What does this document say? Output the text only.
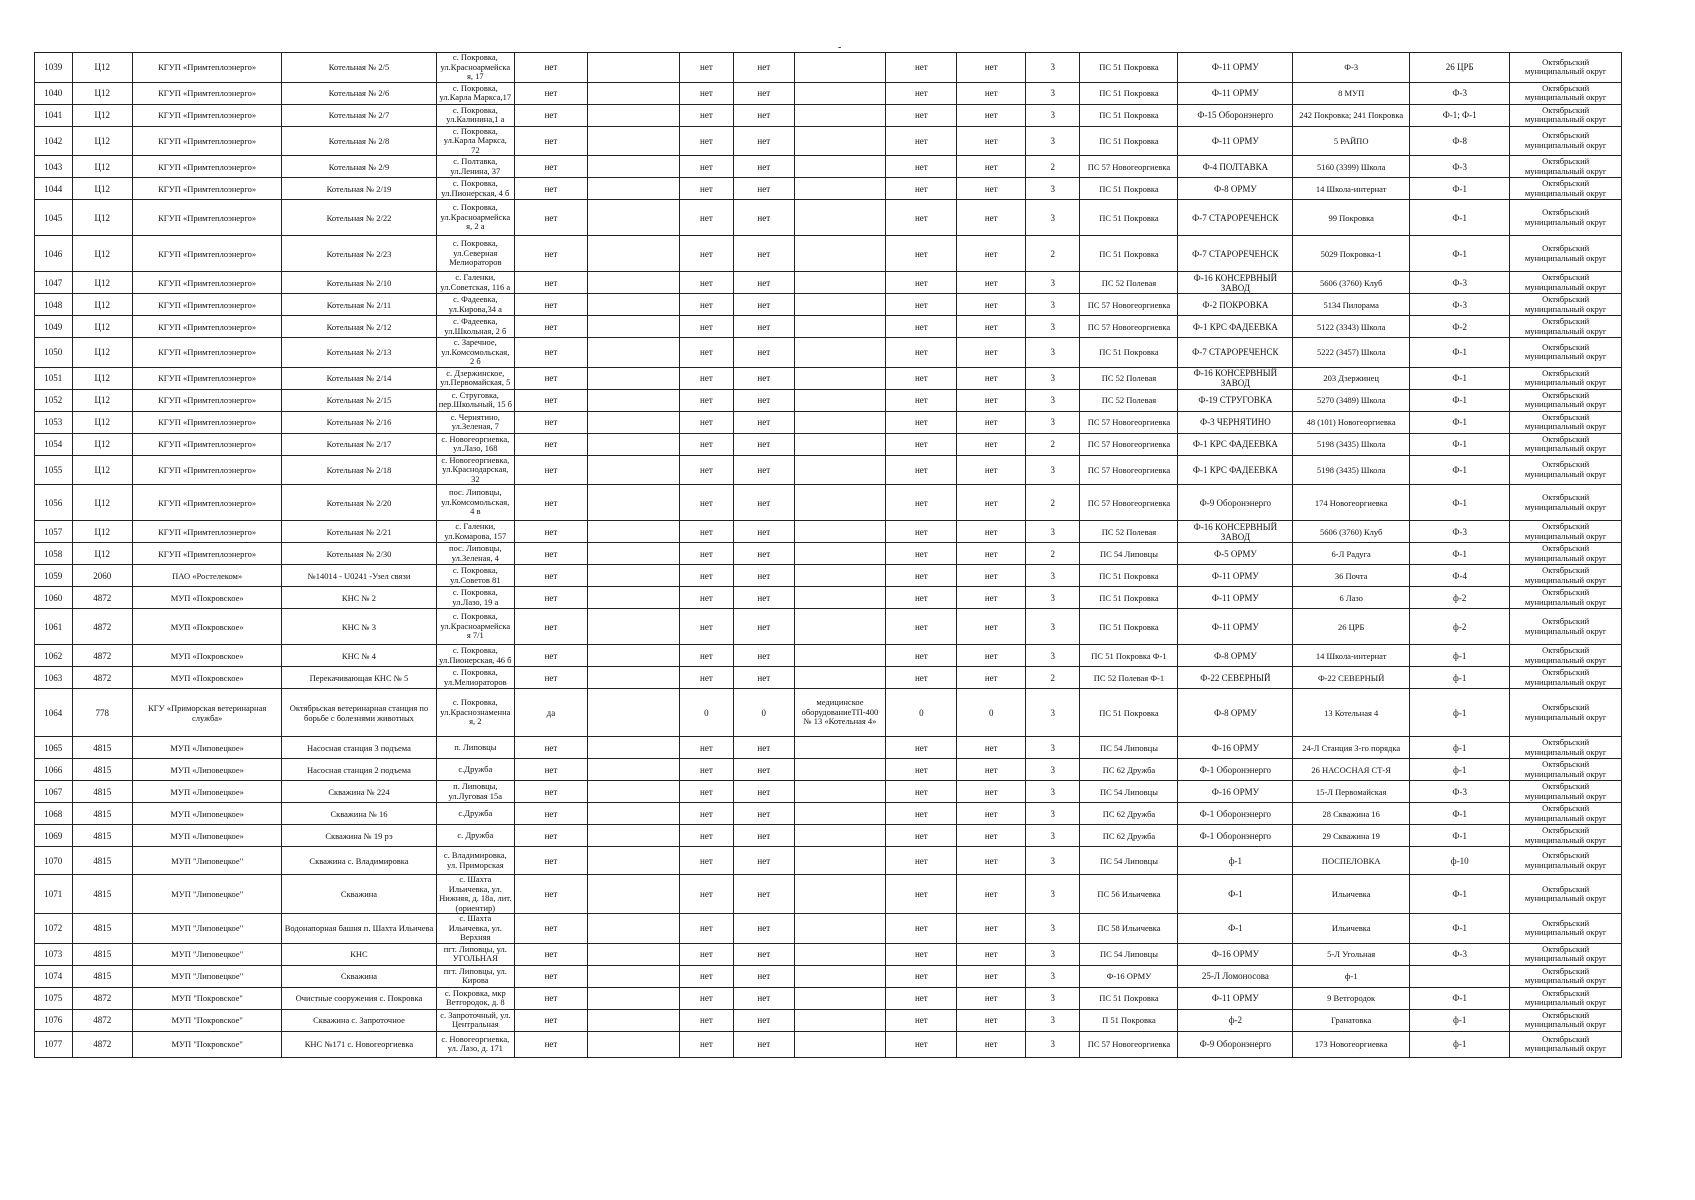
-
1039	Ц12	КГУП «Примтеплоэнерго»	Котельная № 2/5	с. Покровка, ул.Красноармейская, 17	нет		нет	нет		нет	нет	3	ПС 51 Покровка	Ф-11 ОРМУ	Ф-3	26 ЦРБ	Октябрьский муниципальный округ
1040	Ц12	КГУП «Примтеплоэнерго»	Котельная № 2/6	с. Покровка, ул.Карла Маркса,17	нет		нет	нет		нет	нет	3	ПС 51 Покровка	Ф-11 ОРМУ	8 МУП	Ф-3	Октябрьский муниципальный округ
1041	Ц12	КГУП «Примтеплоэнерго»	Котельная № 2/7	с. Покровка, ул.Калинина,1 а	нет		нет	нет		нет	нет	3	ПС 51 Покровка	Ф-15 Оборонэнерго	242 Покровка; 241 Покровка	Ф-1; Ф-1	Октябрьский муниципальный округ
1042	Ц12	КГУП «Примтеплоэнерго»	Котельная № 2/8	с. Покровка, ул.Карла Маркса, 72	нет		нет	нет		нет	нет	3	ПС 51 Покровка	Ф-11 ОРМУ	5 РАЙПО	Ф-8	Октябрьский муниципальный округ
1043	Ц12	КГУП «Примтеплоэнерго»	Котельная № 2/9	с. Полтавка, ул.Ленина, 37	нет		нет	нет		нет	нет	2	ПС 57 Новогеоргиевка	Ф-4 ПОЛТАВКА	5160 (3399) Школа	Ф-3	Октябрьский муниципальный округ
1044	Ц12	КГУП «Примтеплоэнерго»	Котельная № 2/19	с. Покровка, ул.Пионерская, 4 б	нет		нет	нет		нет	нет	3	ПС 51 Покровка	Ф-8 ОРМУ	14 Школа-интернат	Ф-1	Октябрьский муниципальный округ
1045	Ц12	КГУП «Примтеплоэнерго»	Котельная № 2/22	с. Покровка, ул.Красноармейская, 2 а	нет		нет	нет		нет	нет	3	ПС 51 Покровка	Ф-7 СТАРОРЕЧЕНСК	99 Покровка	Ф-1	Октябрьский муниципальный округ
1046	Ц12	КГУП «Примтеплоэнерго»	Котельная № 2/23	с. Покровка, ул.Северная Мелиораторов	нет		нет	нет		нет	нет	2	ПС 51 Покровка	Ф-7 СТАРОРЕЧЕНСК	5029 Покровка-1	Ф-1	Октябрьский муниципальный округ
1047	Ц12	КГУП «Примтеплоэнерго»	Котельная № 2/10	с. Галенки, ул.Советская, 116 а	нет		нет	нет		нет	нет	3	ПС 52 Полевая	Ф-16 КОНСЕРВНЫЙ ЗАВОД	5606 (3760) Клуб	Ф-3	Октябрьский муниципальный округ
1048	Ц12	КГУП «Примтеплоэнерго»	Котельная № 2/11	с. Фадеевка, ул.Кирова,34 а	нет		нет	нет		нет	нет	3	ПС 57 Новогеоргиевка	Ф-2 ПОКРОВКА	5134 Пилорама	Ф-3	Октябрьский муниципальный округ
1049	Ц12	КГУП «Примтеплоэнерго»	Котельная № 2/12	с. Фадеевка, ул.Школьная, 2 б	нет		нет	нет		нет	нет	3	ПС 57 Новогеоргиевка	Ф-1 КРС ФАДЕЕВКА	5122 (3343) Школа	Ф-2	Октябрьский муниципальный округ
1050	Ц12	КГУП «Примтеплоэнерго»	Котельная № 2/13	с. Заречное, ул.Комсомольская, 2 б	нет		нет	нет		нет	нет	3	ПС 51 Покровка	Ф-7 СТАРОРЕЧЕНСК	5222 (3457) Школа	Ф-1	Октябрьский муниципальный округ
1051	Ц12	КГУП «Примтеплоэнерго»	Котельная № 2/14	с. Дзержинское, ул.Первомайская, 5	нет		нет	нет		нет	нет	3	ПС 52 Полевая	Ф-16 КОНСЕРВНЫЙ ЗАВОД	203 Дзержинец	Ф-1	Октябрьский муниципальный округ
1052	Ц12	КГУП «Примтеплоэнерго»	Котельная № 2/15	с. Струговка, пер.Школьный, 15 б	нет		нет	нет		нет	нет	3	ПС 52 Полевая	Ф-19 СТРУГОВКА	5270 (3489) Школа	Ф-1	Октябрьский муниципальный округ
1053	Ц12	КГУП «Примтеплоэнерго»	Котельная № 2/16	с. Чернятино, ул.Зеленая, 7	нет		нет	нет		нет	нет	3	ПС 57 Новогеоргиевка	Ф-3 ЧЕРНЯТИНО	48 (101) Новогеоргиевка	Ф-1	Октябрьский муниципальный округ
1054	Ц12	КГУП «Примтеплоэнерго»	Котельная № 2/17	с. Новогеоргиевка, ул.Лазо, 168	нет		нет	нет		нет	нет	2	ПС 57 Новогеоргиевка	Ф-1 КРС ФАДЕЕВКА	5198 (3435) Школа	Ф-1	Октябрьский муниципальный округ
1055	Ц12	КГУП «Примтеплоэнерго»	Котельная № 2/18	с. Новогеоргиевка, ул.Краснодарская, 32	нет		нет	нет		нет	нет	3	ПС 57 Новогеоргиевка	Ф-1 КРС ФАДЕЕВКА	5198 (3435) Школа	Ф-1	Октябрьский муниципальный округ
1056	Ц12	КГУП «Примтеплоэнерго»	Котельная № 2/20	пос. Липовцы, ул.Комсомольская, 4 в	нет		нет	нет		нет	нет	2	ПС 57 Новогеоргиевка	Ф-9 Оборонэнерго	174 Новогеоргиевка	Ф-1	Октябрьский муниципальный округ
1057	Ц12	КГУП «Примтеплоэнерго»	Котельная № 2/21	с. Галенки, ул.Комарова, 157	нет		нет	нет		нет	нет	3	ПС 52 Полевая	Ф-16 КОНСЕРВНЫЙ ЗАВОД	5606 (3760) Клуб	Ф-3	Октябрьский муниципальный округ
1058	Ц12	КГУП «Примтеплоэнерго»	Котельная № 2/30	пос. Липовцы, ул.Зеленая, 4	нет		нет	нет		нет	нет	2	ПС 54 Липовцы	Ф-5 ОРМУ	6-Л Радуга	Ф-1	Октябрьский муниципальный округ
1059	2060	ПАО «Ростелеком»	№14014 - U0241 -Узел связи	с. Покровка, ул.Советов 81	нет		нет	нет		нет	нет	3	ПС 51 Покровка	Ф-11 ОРМУ	36 Почта	Ф-4	Октябрьский муниципальный округ
1060	4872	МУП «Покровское»	КНС № 2	с. Покровка, ул.Лазо, 19 а	нет		нет	нет		нет	нет	3	ПС 51 Покровка	Ф-11 ОРМУ	6 Лазо	ф-2	Октябрьский муниципальный округ
1061	4872	МУП «Покровское»	КНС № 3	с. Покровка, ул.Красноармейская 7/1	нет		нет	нет		нет	нет	3	ПС 51 Покровка	Ф-11 ОРМУ	26 ЦРБ	ф-2	Октябрьский муниципальный округ
1062	4872	МУП «Покровское»	КНС № 4	с. Покровка, ул.Пионерская, 46 б	нет		нет	нет		нет	нет	3	ПС 51 Покровка Ф-1	Ф-8 ОРМУ	14 Школа-интернат	ф-1	Октябрьский муниципальный округ
1063	4872	МУП «Покровское»	Перекачивающая КНС № 5	с. Покровка, ул.Мелиораторов	нет		нет	нет		нет	нет	2	ПС 52 Полевая Ф-1	Ф-22 СЕВЕРНЫЙ	Ф-22 СЕВЕРНЫЙ	ф-1	Октябрьский муниципальный округ
1064	778	КГУ «Приморская ветеринарная служба»	Октябрьская ветеринарная станция по борьбе с болезнями животных	с. Покровка, ул.Краснознаменная, 2	да		0	0	медицинское оборудованиеТП-400 № 13 «Котельная 4»	0	0	3	ПС 51 Покровка	Ф-8 ОРМУ	13 Котельная 4	ф-1	Октябрьский муниципальный округ
1065	4815	МУП «Липовецкое»	Насосная станция 3 подъема	п. Липовцы	нет		нет	нет		нет	нет	3	ПС 54 Липовцы	Ф-16 ОРМУ	24-Л Станция 3-го порядка	ф-1	Октябрьский муниципальный округ
1066	4815	МУП «Липовецкое»	Насосная станция 2 подъема	с.Дружба	нет		нет	нет		нет	нет	3	ПС 62 Дружба	Ф-1 Оборонэнерго	26 НАСОСНАЯ СТ-Я	ф-1	Октябрьский муниципальный округ
1067	4815	МУП «Липовецкое»	Скважина № 224	п. Липовцы, ул.Луговая 15а	нет		нет	нет		нет	нет	3	ПС 54 Липовцы	Ф-16 ОРМУ	15-Л Первомайская	Ф-3	Октябрьский муниципальный округ
1068	4815	МУП «Липовецкое»	Скважина № 16	с.Дружба	нет		нет	нет		нет	нет	3	ПС 62 Дружба	Ф-1 Оборонэнерго	28 Скважина 16	Ф-1	Октябрьский муниципальный округ
1069	4815	МУП «Липовецкое»	Скважина № 19 рэ	с. Дружба	нет		нет	нет		нет	нет	3	ПС 62 Дружба	Ф-1 Оборонэнерго	29 Скважина 19	Ф-1	Октябрьский муниципальный округ
1070	4815	МУП "Липовецкое"	Скважина с. Владимировка	с. Владимировка, ул. Приморская	нет		нет	нет		нет	нет	3	ПС 54 Липовцы	ф-1	ПОСПЕЛОВКА	ф-10	Октябрьский муниципальный округ
1071	4815	МУП "Липовецкое"	Скважина	с. Шахта Ильичевка, ул. Нижняя, д. 18а, лит. (ориентир)	нет		нет	нет		нет	нет	3	ПС 56 Ильичевка	Ф-1	Ильичевка	Ф-1	Октябрьский муниципальный округ
1072	4815	МУП "Липовецкое"	Водонапорная башня п. Шахта Ильичева	с. Шахта Ильичевка, ул. Верхняя	нет		нет	нет		нет	нет	3	ПС 58 Ильичевка	Ф-1	Ильичевка	Ф-1	Октябрьский муниципальный округ
1073	4815	МУП "Липовецкое"	КНС	пгт. Липовцы, ул. УГОЛЬНАЯ	нет		нет	нет		нет	нет	3	ПС 54 Липовцы	Ф-16 ОРМУ	5-Л Угольная	Ф-3	Октябрьский муниципальный округ
1074	4815	МУП "Липовецкое"	Скважина	пгт. Липовцы, ул. Кирова	нет		нет	нет		нет	нет	3	Ф-16 ОРМУ	25-Л Ломоносова	ф-1		Октябрьский муниципальный округ
1075	4872	МУП "Покровское"	Очистные сооружения с. Покровка	с. Покровка, мкр Ветгородок, д. 8	нет		нет	нет		нет	нет	3	ПС 51 Покровка	Ф-11 ОРМУ	9 Ветгородок	Ф-1	Октябрьский муниципальный округ
1076	4872	МУП "Покровское"	Скважина с. Запроточное	с. Запроточный, ул. Центральная	нет		нет	нет		нет	нет	3	П 51 Покровка	ф-2	Гранатовка	ф-1	Октябрьский муниципальный округ
1077	4872	МУП "Покровское"	КНС №171 с. Новогеоргиевка	с. Новогеоргиевка, ул. Лазо, д. 171	нет		нет	нет		нет	нет	3	ПС 57 Новогеоргиевка	Ф-9 Оборонэнерго	173 Новогеоргиевка	ф-1	Октябрьский муниципальный округ
